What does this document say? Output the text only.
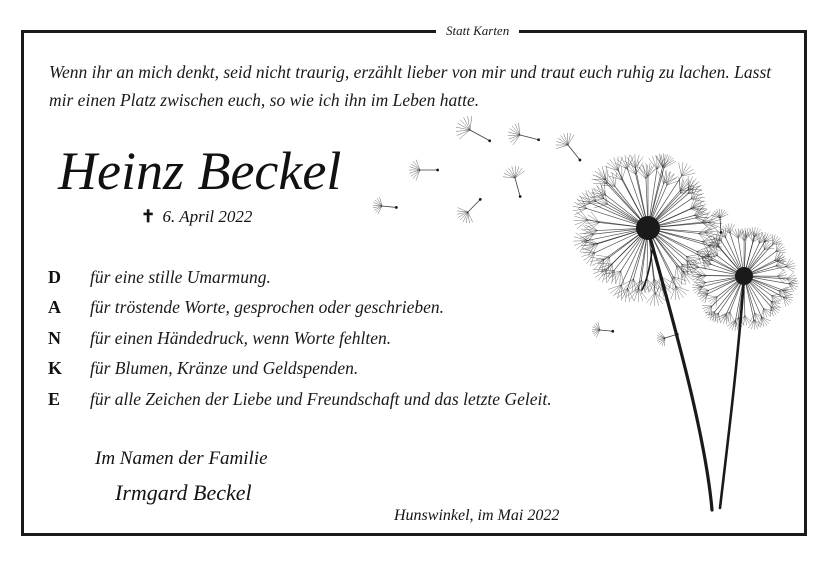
Statt Karten
Wenn ihr an mich denkt, seid nicht traurig, erzählt lieber von mir und traut euch ruhig zu lachen. Lasst mir einen Platz zwischen euch, so wie ich ihn im Leben hatte.
Heinz Beckel
✝ 6. April 2022
D	für eine stille Umarmung.
A	für tröstende Worte, gesprochen oder geschrieben.
N	für einen Händedruck, wenn Worte fehlten.
K	für Blumen, Kränze und Geldspenden.
E	für alle Zeichen der Liebe und Freundschaft und das letzte Geleit.
Im Namen der Familie
Irmgard Beckel
Hunswinkel, im Mai 2022
